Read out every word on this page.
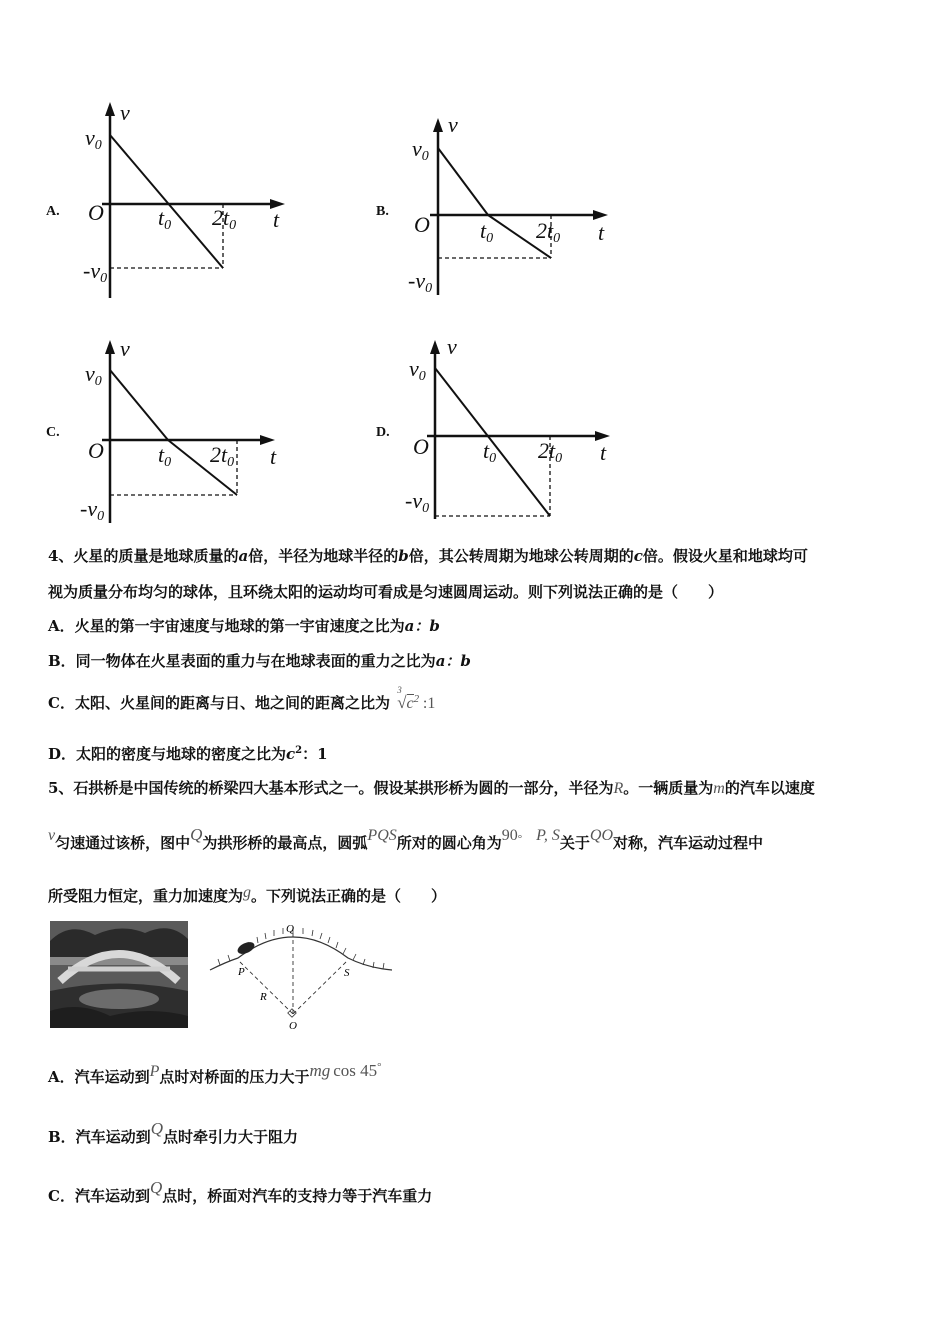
A.	B.
C.	D.
v
v0
O t0 2t0 t
-v0
v
v0
O t0 2t0 t
-v0
v
v0
O t0 2t0 t
-v0
v
v0
O t0 2t0 t
-v0
4、火星的质量是地球质量的a倍，半径为地球半径的b倍，其公转周期为地球公转周期的c倍。假设火星和地球均可
视为质量分布均匀的球体，且环绕太阳的运动均可看成是匀速圆周运动。则下列说法正确的是（　　）
A．火星的第一宇宙速度与地球的第一宇宙速度之比为a：b
B．同一物体在火星表面的重力与在地球表面的重力之比为a：b
C．太阳、火星间的距离与日、地之间的距离之比为
3
$√c^2$ :1
D．太阳的密度与地球的密度之比为$c^2$：1
5、石拱桥是中国传统的桥梁四大基本形式之一。假设某拱形桥为圆的一部分，半径为R。一辆质量为m的汽车以速度
v匀速通过该桥，图中Q为拱形桥的最高点，圆弧PQS所对的圆心角为90° P, S关于QO对称，汽车运动过程中
所受阻力恒定，重力加速度为g。下列说法正确的是（　　）
Q
P	S
R
O
A．汽车运动到P点时对桥面的压力大于mg cos 45°
B．汽车运动到Q点时牵引力大于阻力
C．汽车运动到Q点时，桥面对汽车的支持力等于汽车重力
